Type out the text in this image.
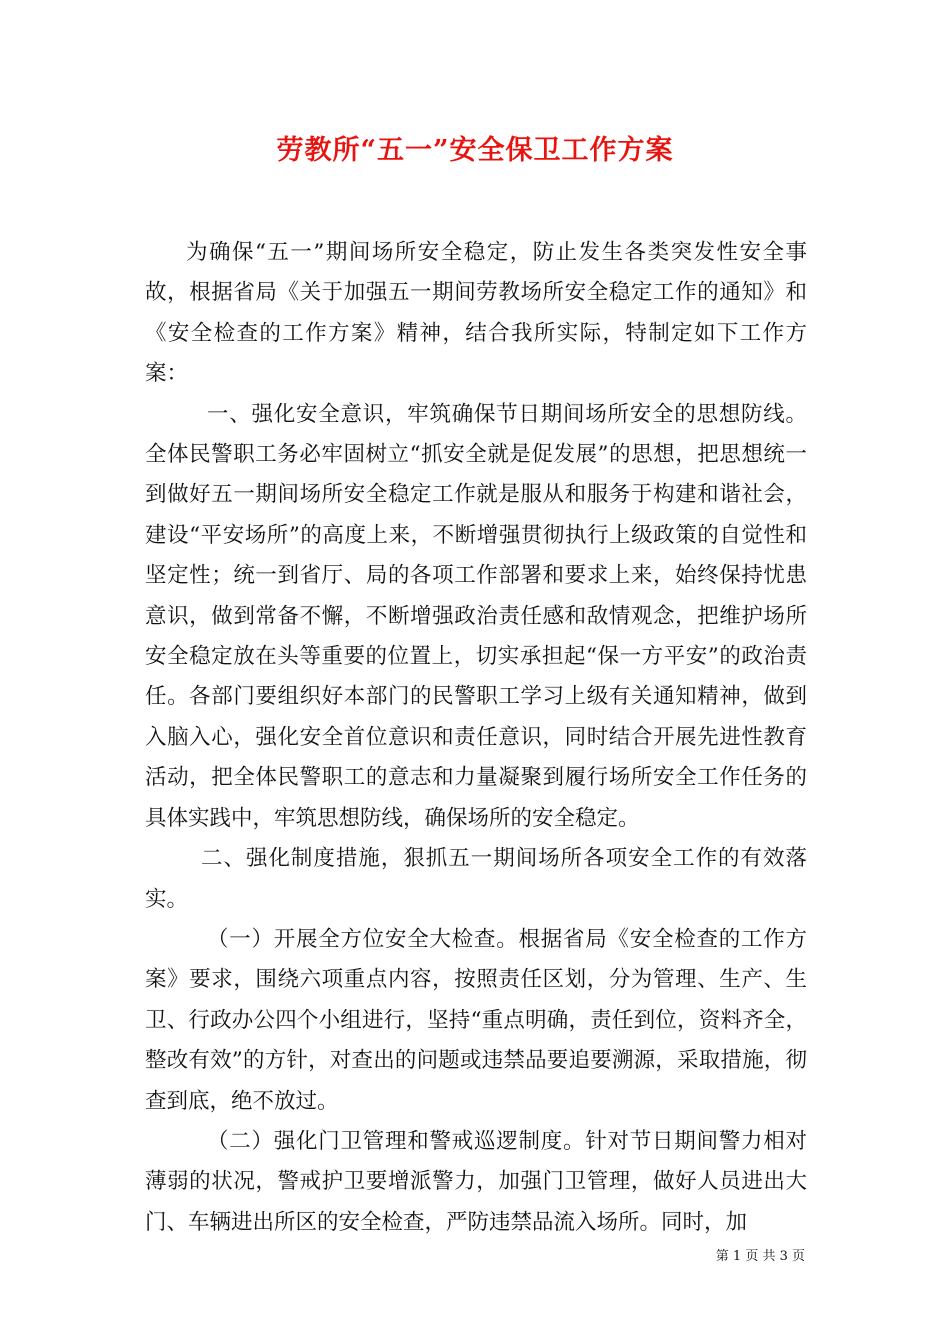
劳教所“五一”安全保卫工作方案

为确保“五一”期间场所安全稳定，防止发生各类突发性安全事故，根据省局《关于加强五一期间劳教场所安全稳定工作的通知》和《安全检查的工作方案》精神，结合我所实际，特制定如下工作方案：

一、强化安全意识，牢筑确保节日期间场所安全的思想防线。全体民警职工务必牢固树立“抓安全就是促发展”的思想，把思想统一到做好五一期间场所安全稳定工作就是服从和服务于构建和谐社会，建设“平安场所”的高度上来，不断增强贯彻执行上级政策的自觉性和坚定性；统一到省厅、局的各项工作部署和要求上来，始终保持忧患意识，做到常备不懈，不断增强政治责任感和敌情观念，把维护场所安全稳定放在头等重要的位置上，切实承担起“保一方平安”的政治责任。各部门要组织好本部门的民警职工学习上级有关通知精神，做到入脑入心，强化安全首位意识和责任意识，同时结合开展先进性教育活动，把全体民警职工的意志和力量凝聚到履行场所安全工作任务的具体实践中，牢筑思想防线，确保场所的安全稳定。

二、强化制度措施，狠抓五一期间场所各项安全工作的有效落实。

（一）开展全方位安全大检查。根据省局《安全检查的工作方案》要求，围绕六项重点内容，按照责任区划，分为管理、生产、生卫、行政办公四个小组进行，坚持“重点明确，责任到位，资料齐全，整改有效”的方针，对查出的问题或违禁品要追要溯源，采取措施，彻查到底，绝不放过。

（二）强化门卫管理和警戒巡逻制度。针对节日期间警力相对薄弱的状况，警戒护卫要增派警力，加强门卫管理，做好人员进出大门、车辆进出所区的安全检查，严防违禁品流入场所。同时，加

第 1 页 共 3 页
